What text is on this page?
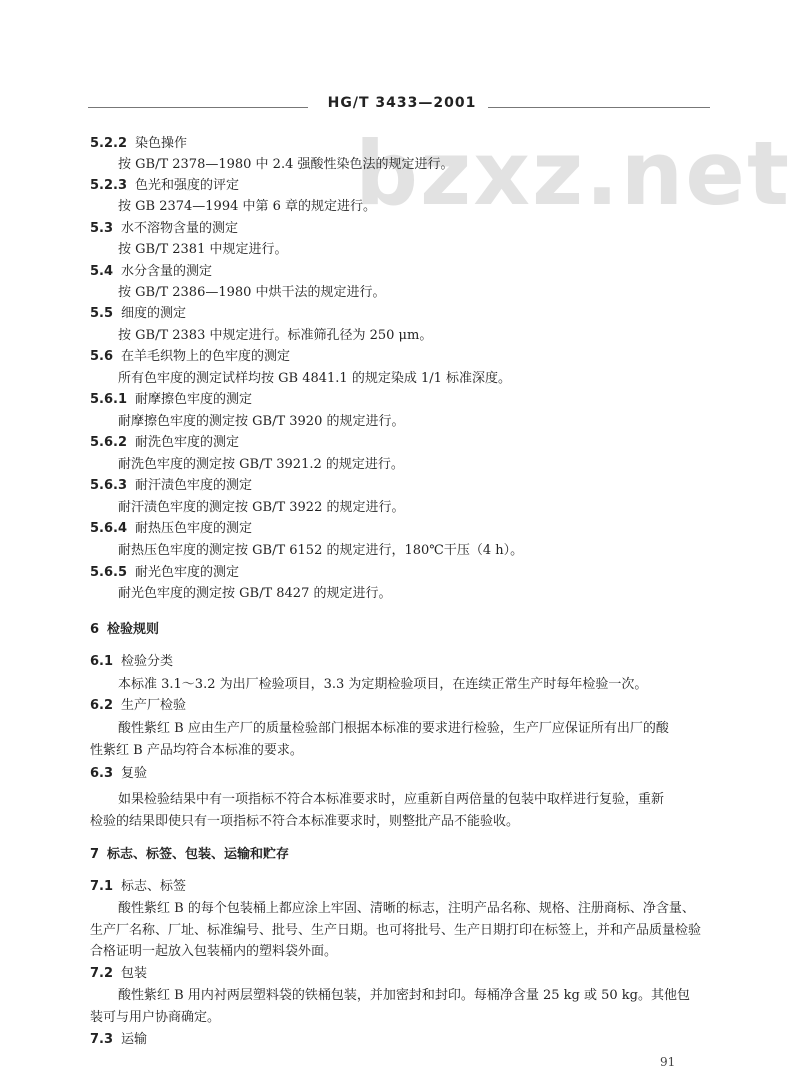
HG/T 3433—2001
bzxz.net
5.2.2 染色操作
按 GB/T 2378—1980 中 2.4 强酸性染色法的规定进行。
5.2.3 色光和强度的评定
按 GB 2374—1994 中第 6 章的规定进行。
5.3 水不溶物含量的测定
按 GB/T 2381 中规定进行。
5.4 水分含量的测定
按 GB/T 2386—1980 中烘干法的规定进行。
5.5 细度的测定
按 GB/T 2383 中规定进行。标准筛孔径为 250 μm。
5.6 在羊毛织物上的色牢度的测定
所有色牢度的测定试样均按 GB 4841.1 的规定染成 1/1 标准深度。
5.6.1 耐摩擦色牢度的测定
耐摩擦色牢度的测定按 GB/T 3920 的规定进行。
5.6.2 耐洗色牢度的测定
耐洗色牢度的测定按 GB/T 3921.2 的规定进行。
5.6.3 耐汗渍色牢度的测定
耐汗渍色牢度的测定按 GB/T 3922 的规定进行。
5.6.4 耐热压色牢度的测定
耐热压色牢度的测定按 GB/T 6152 的规定进行，180℃干压（4 h）。
5.6.5 耐光色牢度的测定
耐光色牢度的测定按 GB/T 8427 的规定进行。
6 检验规则
6.1 检验分类
本标准 3.1～3.2 为出厂检验项目，3.3 为定期检验项目，在连续正常生产时每年检验一次。
6.2 生产厂检验
酸性紫红 B 应由生产厂的质量检验部门根据本标准的要求进行检验，生产厂应保证所有出厂的酸
性紫红 B 产品均符合本标准的要求。
6.3 复验
如果检验结果中有一项指标不符合本标准要求时，应重新自两倍量的包装中取样进行复验，重新
检验的结果即使只有一项指标不符合本标准要求时，则整批产品不能验收。
7 标志、标签、包装、运输和贮存
7.1 标志、标签
酸性紫红 B 的每个包装桶上都应涂上牢固、清晰的标志，注明产品名称、规格、注册商标、净含量、
生产厂名称、厂址、标准编号、批号、生产日期。也可将批号、生产日期打印在标签上，并和产品质量检验
合格证明一起放入包装桶内的塑料袋外面。
7.2 包装
酸性紫红 B 用内衬两层塑料袋的铁桶包装，并加密封和封印。每桶净含量 25 kg 或 50 kg。其他包
装可与用户协商确定。
7.3 运输
91
